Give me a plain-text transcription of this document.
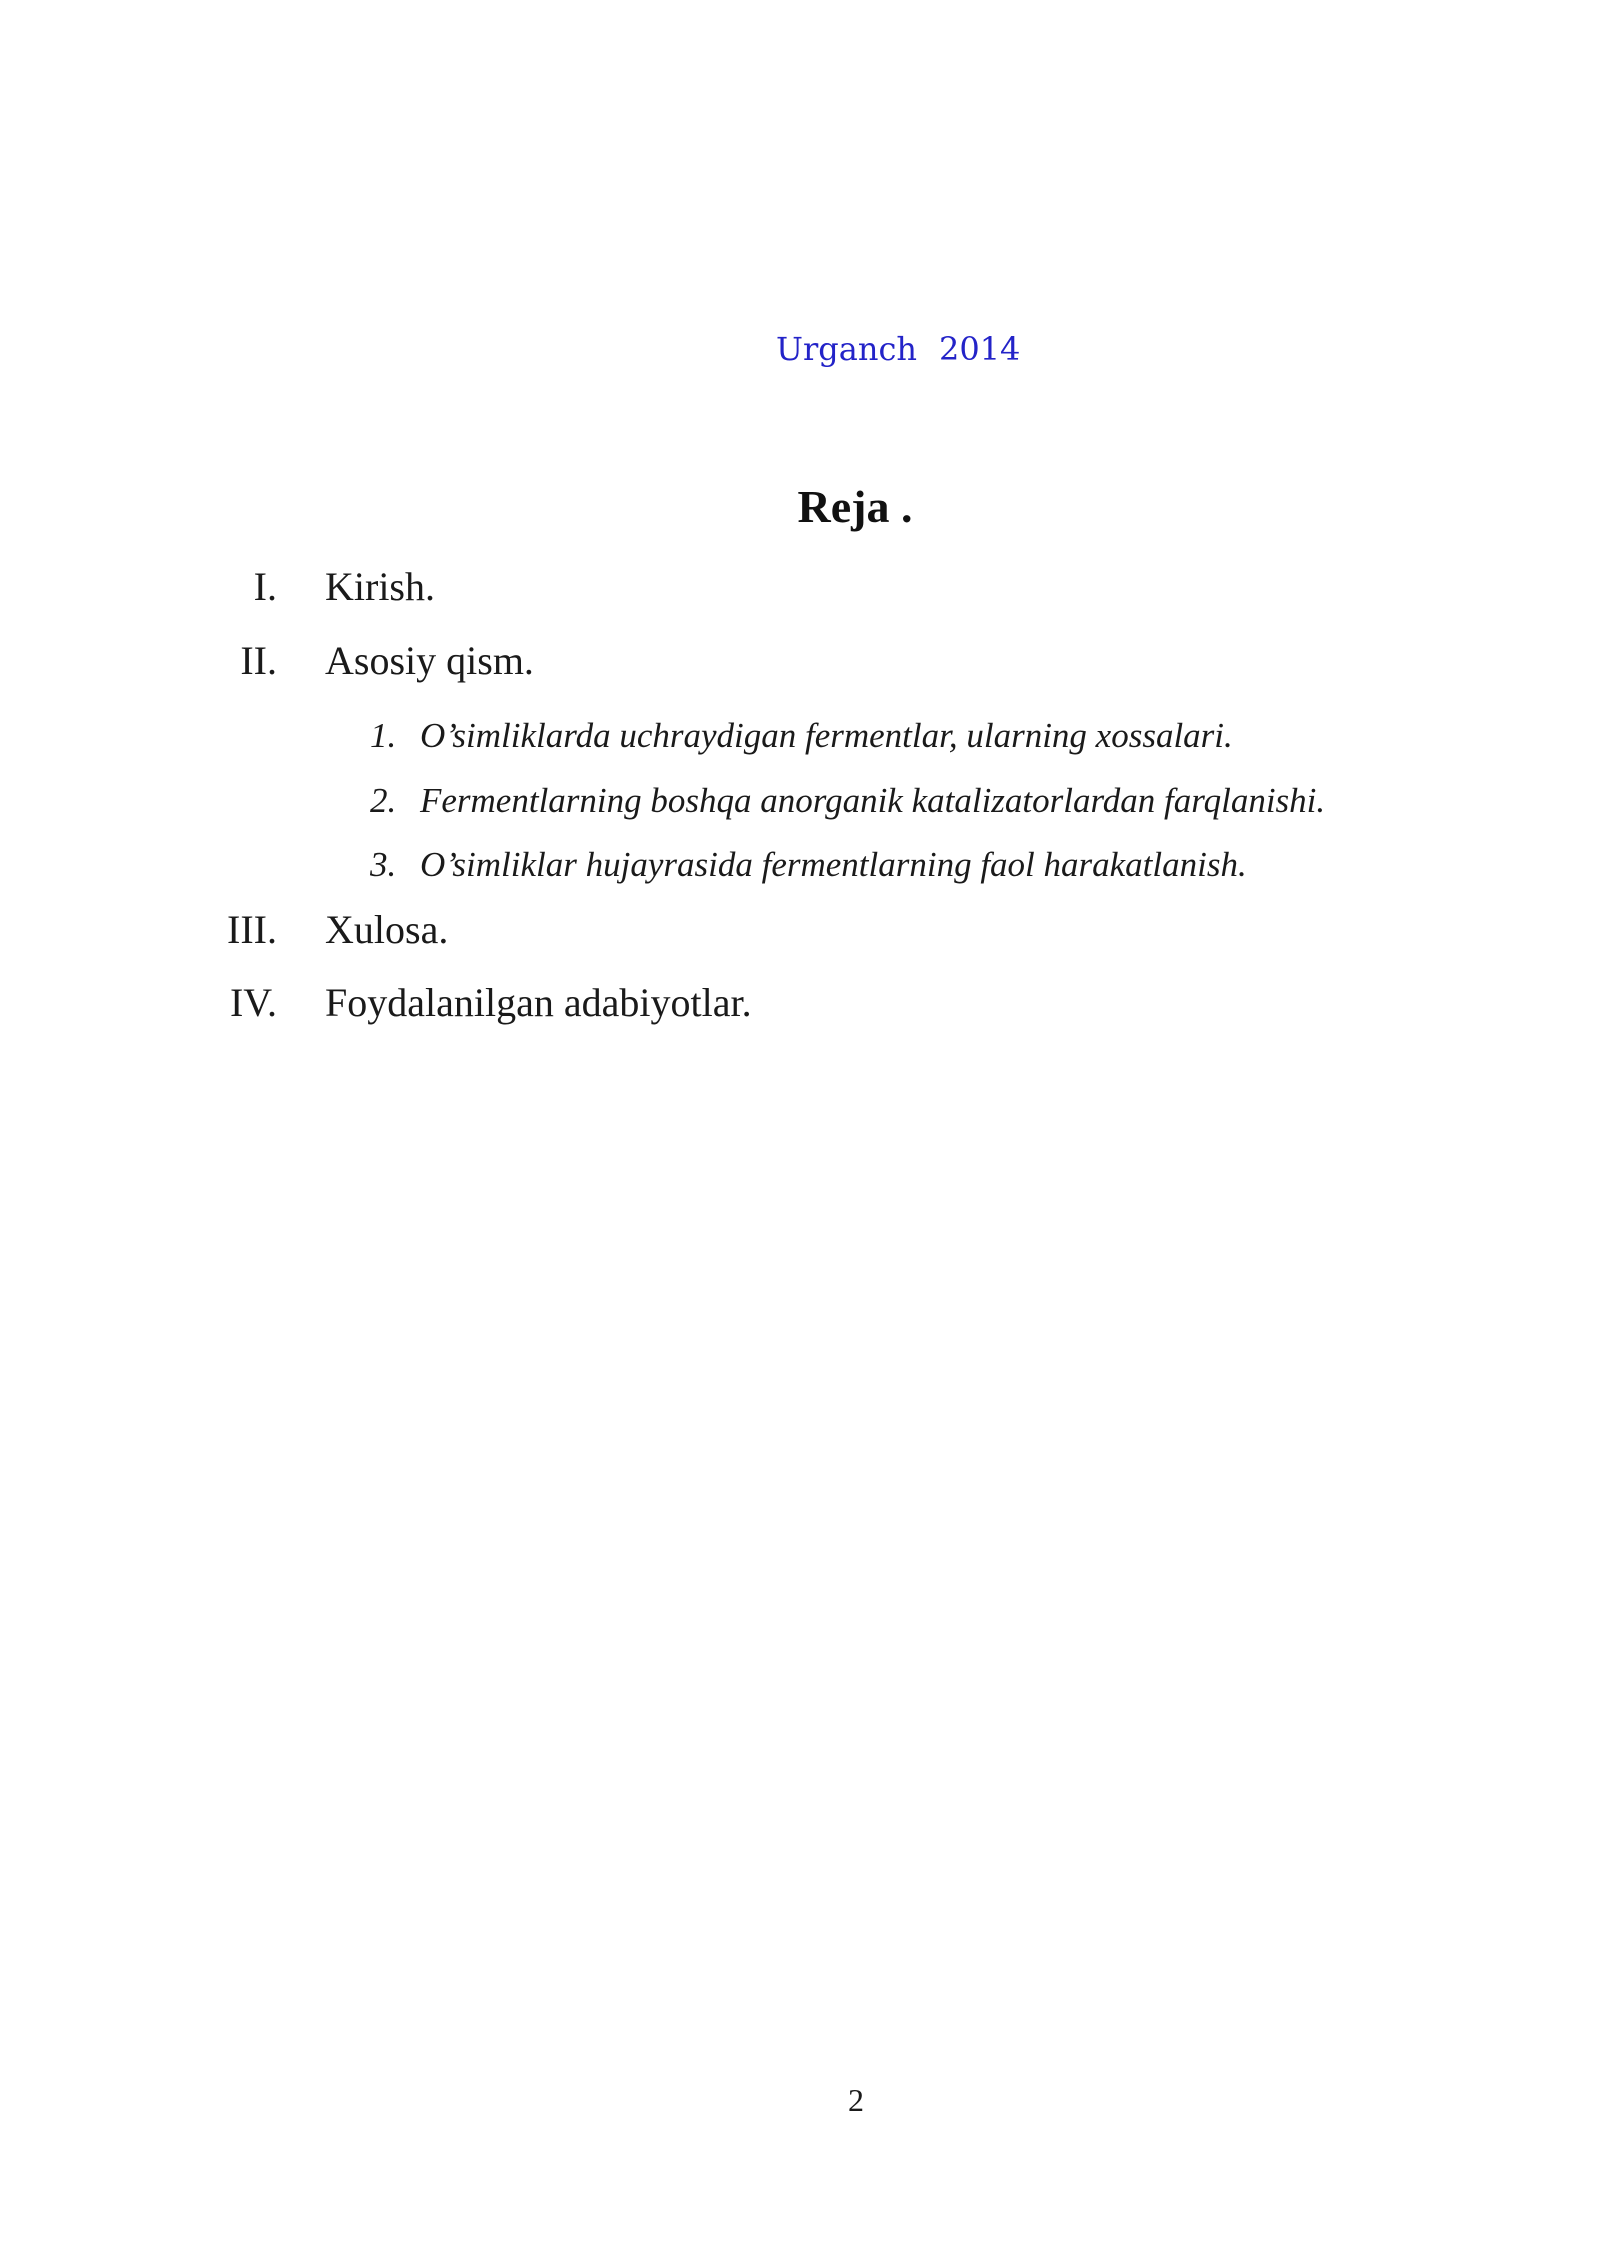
Urganch 2014
Reja .
I. Kirish.
II. Asosiy qism.
1. O’simliklarda uchraydigan fermentlar, ularning xossalari.
2. Fermentlarning boshqa anorganik katalizatorlardan farqlanishi.
3. O’simliklar hujayrasida fermentlarning faol harakatlanish.
III. Xulosa.
IV. Foydalanilgan adabiyotlar.
2
